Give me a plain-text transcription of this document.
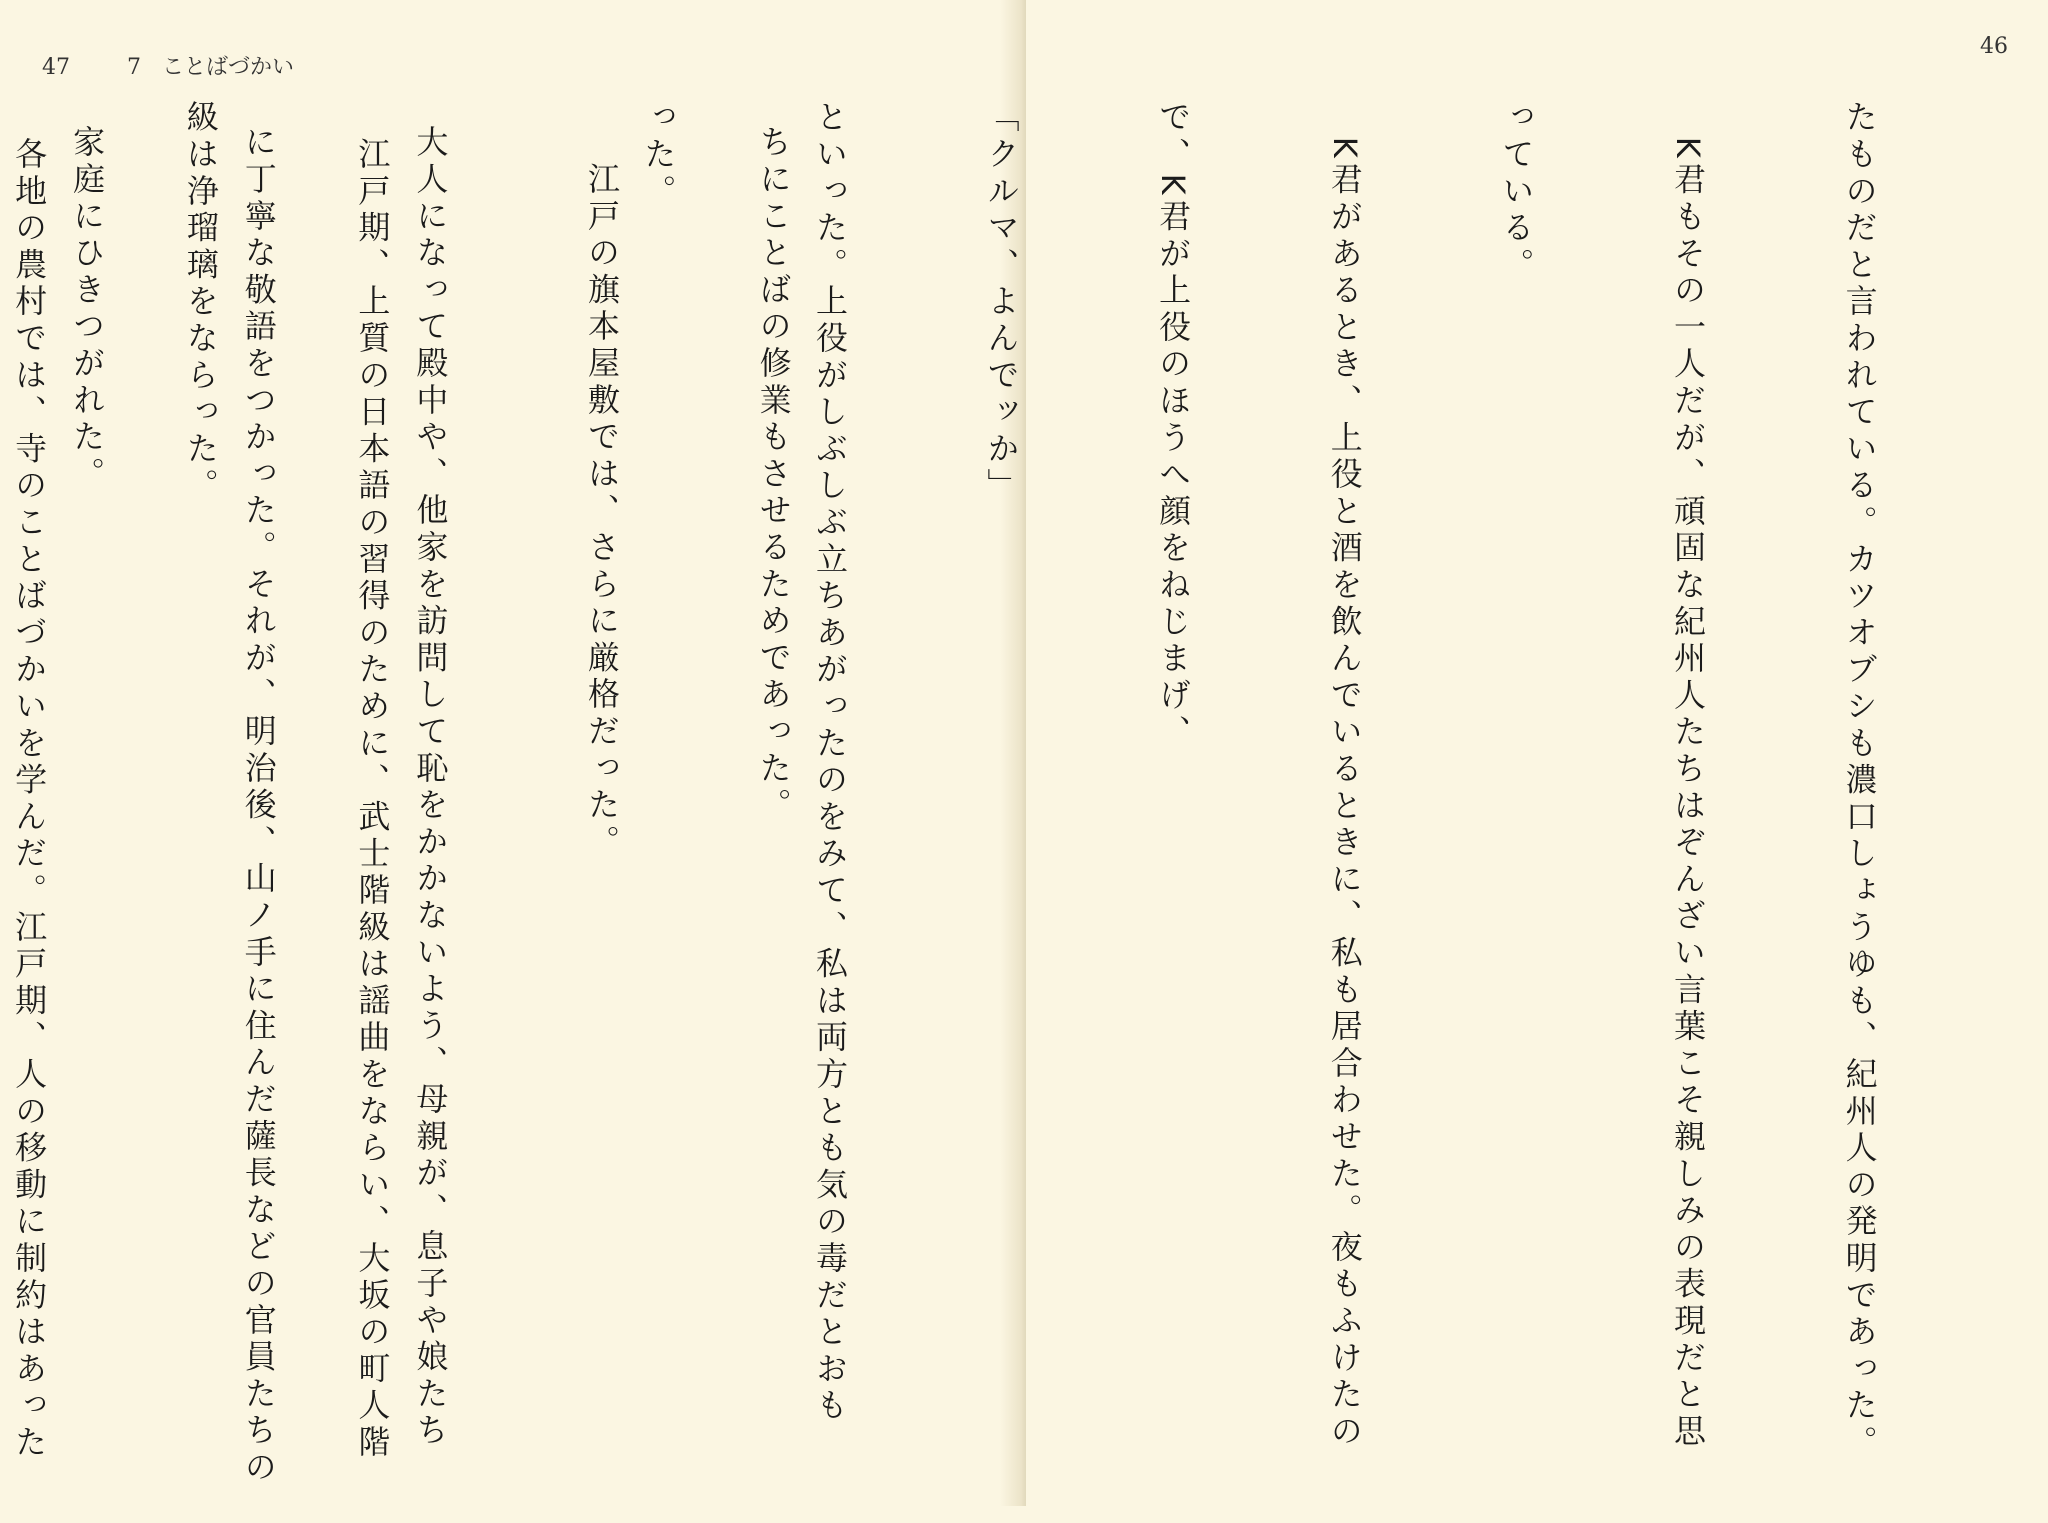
47	7 ことばづかい

ちにことばの修業もさせるためであった。

　江戸の旗本屋敷では、さらに厳格だった。

大人になって殿中や、他家を訪問して恥をかかないよう、母親が、息子や娘たち

に丁寧な敬語をつかった。それが、明治後、山ノ手に住んだ薩長などの官員たちの

家庭にひきつがれた。

46

たものだと言われている。カツオブシも濃口しょうゆも、紀州人の発明であった。

　K君もその一人だが、頑固な紀州人たちはぞんざい言葉こそ親しみの表現だと思

っている。

　K君があるとき、上役と酒を飲んでいるときに、私も居合わせた。夜もふけたの

で、K君が上役のほうへ顔をねじまげ、

「クルマ、よんでッか」

といった。上役がしぶしぶ立ちあがったのをみて、私は両方とも気の毒だとおも

った。

　江戸期、上質の日本語の習得のために、武士階級は謡曲をならい、大坂の町人階

級は浄瑠璃をならった。

　各地の農村では、寺のことばづかいを学んだ。江戸期、人の移動に制約はあった
